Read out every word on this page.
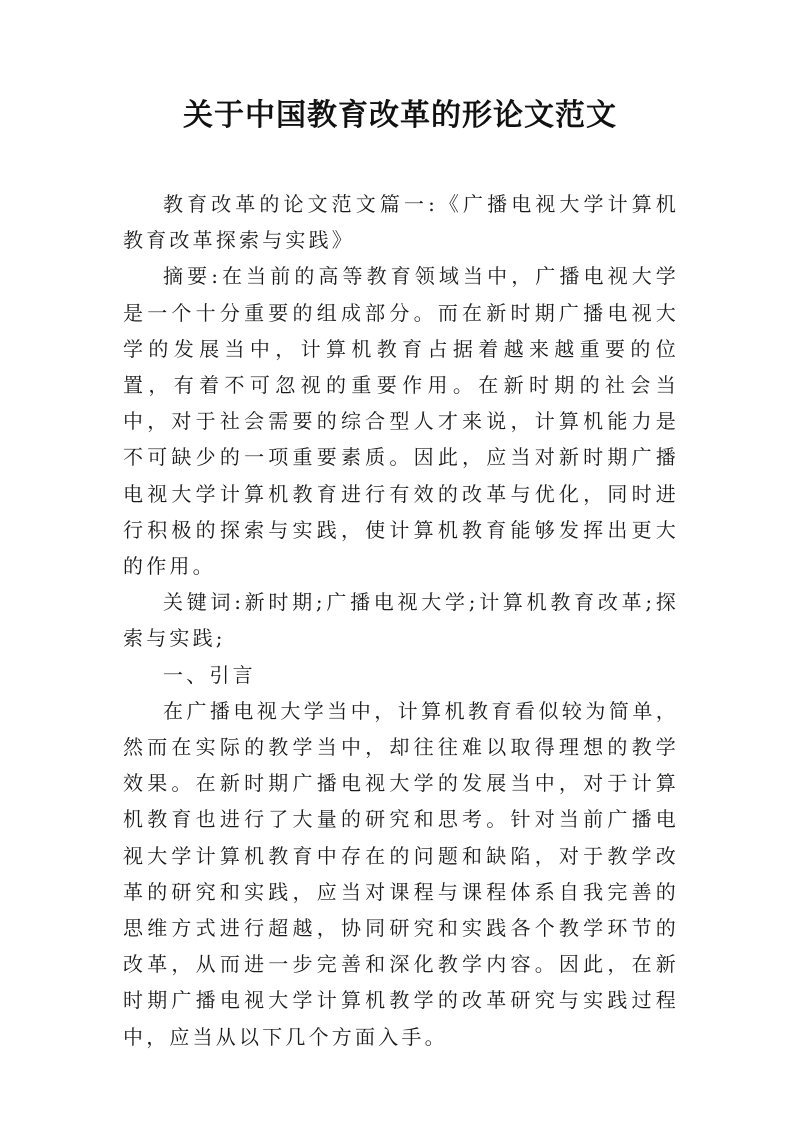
关于中国教育改革的形论文范文

教育改革的论文范文篇一:《广播电视大学计算机教育改革探索与实践》

摘要:在当前的高等教育领域当中，广播电视大学是一个十分重要的组成部分。而在新时期广播电视大学的发展当中，计算机教育占据着越来越重要的位置，有着不可忽视的重要作用。在新时期的社会当中，对于社会需要的综合型人才来说，计算机能力是不可缺少的一项重要素质。因此，应当对新时期广播电视大学计算机教育进行有效的改革与优化，同时进行积极的探索与实践，使计算机教育能够发挥出更大的作用。

关键词:新时期;广播电视大学;计算机教育改革;探索与实践;

一、引言

在广播电视大学当中，计算机教育看似较为简单，然而在实际的教学当中，却往往难以取得理想的教学效果。在新时期广播电视大学的发展当中，对于计算机教育也进行了大量的研究和思考。针对当前广播电视大学计算机教育中存在的问题和缺陷，对于教学改革的研究和实践，应当对课程与课程体系自我完善的思维方式进行超越，协同研究和实践各个教学环节的改革，从而进一步完善和深化教学内容。因此，在新时期广播电视大学计算机教学的改革研究与实践过程中，应当从以下几个方面入手。
